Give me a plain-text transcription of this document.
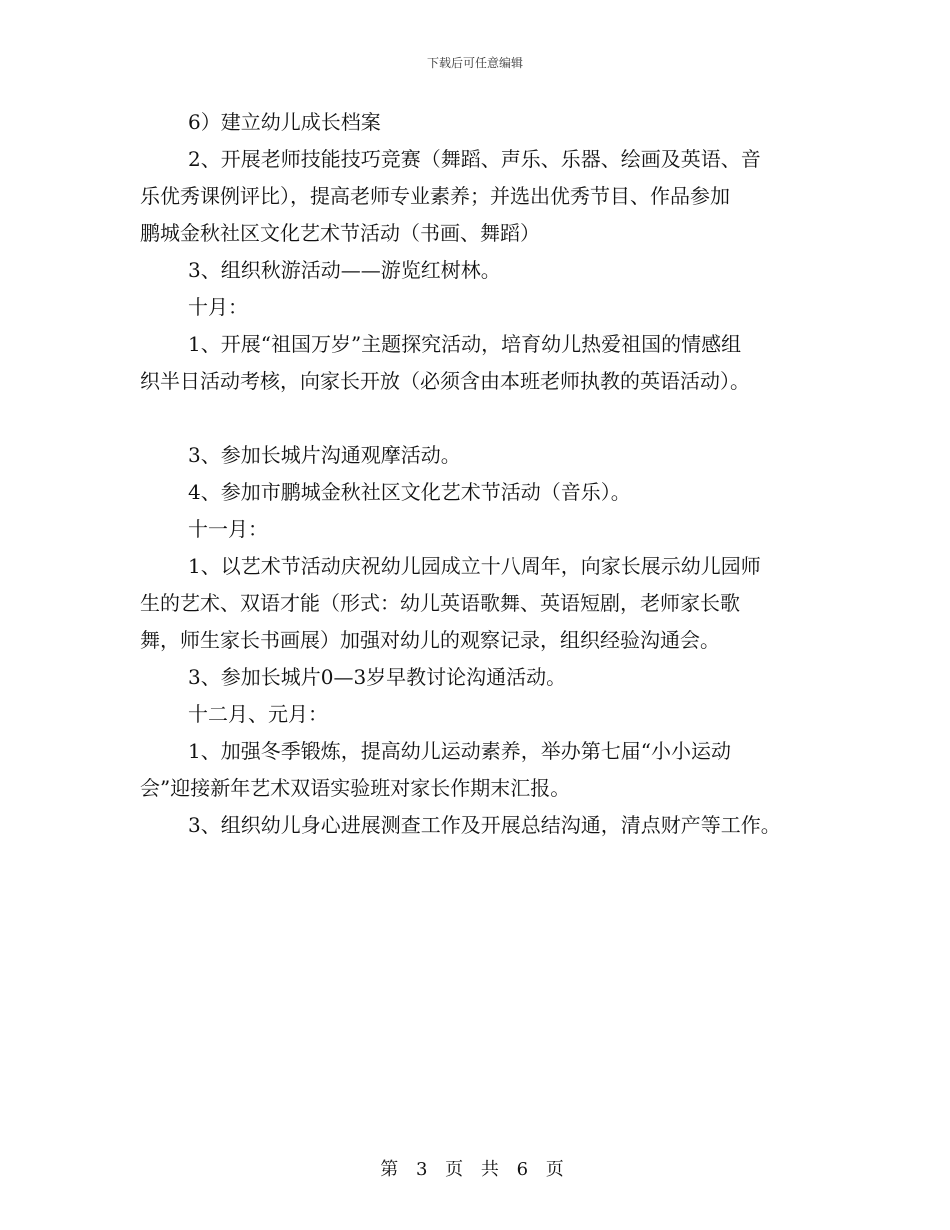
下载后可任意编辑
6）建立幼儿成长档案
2、开展老师技能技巧竞赛（舞蹈、声乐、乐器、绘画及英语、音
乐优秀课例评比），提高老师专业素养；并选出优秀节目、作品参加
鹏城金秋社区文化艺术节活动（书画、舞蹈）
3、组织秋游活动——游览红树林。
十月：
1、开展“祖国万岁”主题探究活动，培育幼儿热爱祖国的情感组
织半日活动考核，向家长开放（必须含由本班老师执教的英语活动）。
3、参加长城片沟通观摩活动。
4、参加市鹏城金秋社区文化艺术节活动（音乐）。
十一月：
1、以艺术节活动庆祝幼儿园成立十八周年，向家长展示幼儿园师
生的艺术、双语才能（形式：幼儿英语歌舞、英语短剧，老师家长歌
舞，师生家长书画展）加强对幼儿的观察记录，组织经验沟通会。
3、参加长城片0—3岁早教讨论沟通活动。
十二月、元月：
1、加强冬季锻炼，提高幼儿运动素养，举办第七届“小小运动
会”迎接新年艺术双语实验班对家长作期末汇报。
3、组织幼儿身心进展测查工作及开展总结沟通，清点财产等工作。
第 3 页 共 6 页
